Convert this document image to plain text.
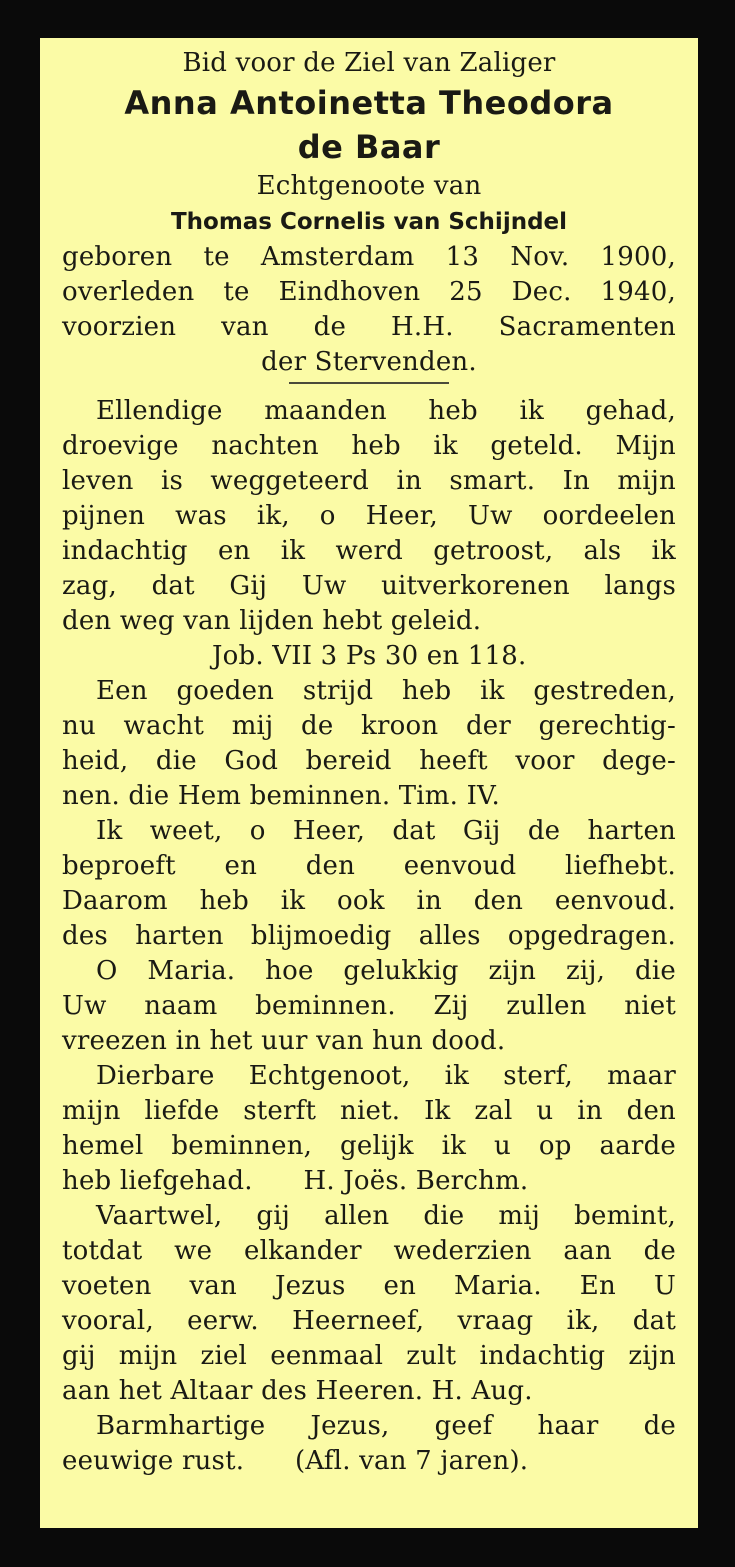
Bid voor de Ziel van Zaliger
Anna Antoinetta Theodora
de Baar
Echtgenoote van
Thomas Cornelis van Schijndel
geboren te Amsterdam 13 Nov. 1900,
overleden te Eindhoven 25 Dec. 1940,
voorzien van de H.H. Sacramenten
der Stervenden.
Ellendige maanden heb ik gehad,
droevige nachten heb ik geteld. Mijn
leven is weggeteerd in smart. In mijn
pijnen was ik, o Heer, Uw oordeelen
indachtig en ik werd getroost, als ik
zag, dat Gij Uw uitverkorenen langs
den weg van lijden hebt geleid.
Job. VII 3 Ps 30 en 118.
Een goeden strijd heb ik gestreden,
nu wacht mij de kroon der gerechtig-
heid, die God bereid heeft voor dege-
nen. die Hem beminnen. Tim. IV.
Ik weet, o Heer, dat Gij de harten
beproeft en den eenvoud liefhebt.
Daarom heb ik ook in den eenvoud.
des harten blijmoedig alles opgedragen.
O Maria. hoe gelukkig zijn zij, die
Uw naam beminnen. Zij zullen niet
vreezen in het uur van hun dood.
Dierbare Echtgenoot, ik sterf, maar
mijn liefde sterft niet. Ik zal u in den
hemel beminnen, gelijk ik u op aarde
heb liefgehad.      H. Joës. Berchm.
Vaartwel, gij allen die mij bemint,
totdat we elkander wederzien aan de
voeten van Jezus en Maria. En U
vooral, eerw. Heerneef, vraag ik, dat
gij mijn ziel eenmaal zult indachtig zijn
aan het Altaar des Heeren. H. Aug.
Barmhartige Jezus, geef haar de
eeuwige rust.      (Afl. van 7 jaren).
